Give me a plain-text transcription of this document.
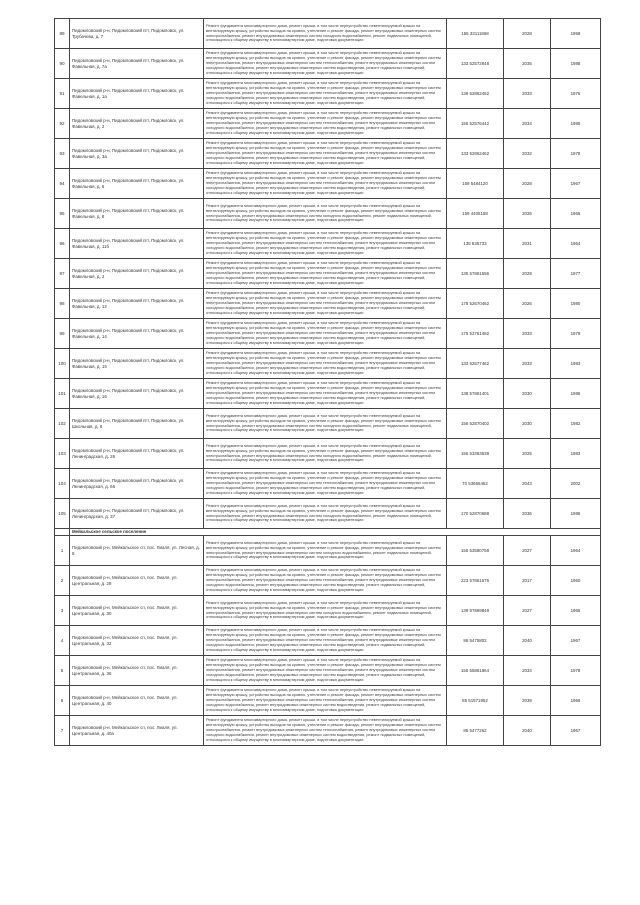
89	Пидомловский р-н, Пидомловский пгт, Пидомловск, ул. Трубачева, д. 7	Ремонт фундамента многоквартирного дома, ремонт крыши, в том числе переустройство невентилируемой крыши на вентилируемую крышу, устройство выходов на кровлю, утепление и ремонт фасада, ремонт внутридомовых инженерных систем электроснабжения, ремонт внутридомовых инженерных систем холодного водоснабжения, ремонт подвальных помещений, относящихся к общему имуществу в многоквартирном доме, подготовка документации	155 33111868	2028	1959
90	Пидомловский р-н, Пидомловский пгт, Пидомловск, ул. Фавельная, д. 7а	Ремонт фундамента многоквартирного дома, ремонт крыши, в том числе переустройство невентилируемой крыши на вентилируемую крышу, устройство выходов на кровлю, утепление и ремонт фасада, ремонт внутридомовых инженерных систем электроснабжения, ремонт внутридомовых инженерных систем теплоснабжения, ремонт внутридомовых инженерных систем холодного водоснабжения, ремонт внутридомовых инженерных систем водоотведения, ремонт подвальных помещений, относящихся к общему имуществу в многоквартирном доме, подготовка документации	133 52572848	2035	1988
91	Пидомловский р-н, Пидомловский пгт, Пидомловск, ул. Фавельная, д. 1а	Ремонт фундамента многоквартирного дома, ремонт крыши, в том числе переустройство невентилируемой крыши на вентилируемую крышу, устройство выходов на кровлю, утепление и ремонт фасада, ремонт внутридомовых инженерных систем электроснабжения, ремонт внутридомовых инженерных систем теплоснабжения, ремонт внутридомовых инженерных систем холодного водоснабжения, ремонт внутридомовых инженерных систем водоотведения, ремонт подвальных помещений, относящихся к общему имуществу в многоквартирном доме, подготовка документации	139 52862462	2033	1976
92	Пидомловский р-н, Пидомловский пгт, Пидомловск, ул. Фавельная, д. 2	Ремонт фундамента многоквартирного дома, ремонт крыши, в том числе переустройство невентилируемой крыши на вентилируемую крышу, устройство выходов на кровлю, утепление и ремонт фасада, ремонт внутридомовых инженерных систем электроснабжения, ремонт внутридомовых инженерных систем теплоснабжения, ремонт внутридомовых инженерных систем холодного водоснабжения, ремонт внутридомовых инженерных систем водоотведения, ремонт подвальных помещений, относящихся к общему имуществу в многоквартирном доме, подготовка документации	155 52576442	2034	1985
93	Пидомловский р-н, Пидомловский пгт, Пидомловск, ул. Фавельная, д. 3а	Ремонт фундамента многоквартирного дома, ремонт крыши, в том числе переустройство невентилируемой крыши на вентилируемую крышу, устройство выходов на кровлю, утепление и ремонт фасада, ремонт внутридомовых инженерных систем электроснабжения, ремонт внутридомовых инженерных систем теплоснабжения, ремонт внутридомовых инженерных систем холодного водоснабжения, ремонт внутридомовых инженерных систем водоотведения, ремонт подвальных помещений, относящихся к общему имуществу в многоквартирном доме, подготовка документации	133 52862462	2032	1978
94	Пидомловский р-н, Пидомловский пгт, Пидомловск, ул. Фавельная, д. 6	Ремонт фундамента многоквартирного дома, ремонт крыши, в том числе переустройство невентилируемой крыши на вентилируемую крышу, устройство выходов на кровлю, утепление и ремонт фасада, ремонт внутридомовых инженерных систем электроснабжения, ремонт внутридомовых инженерных систем теплоснабжения, ремонт внутридомовых инженерных систем холодного водоснабжения, ремонт внутридомовых инженерных систем водоотведения, ремонт подвальных помещений, относящихся к общему имуществу в многоквартирном доме, подготовка документации	159 5484120	2028	1967
95	Пидомловский р-н, Пидомловский пгт, Пидомловск, ул. Фавельная, д. 8	Ремонт фундамента многоквартирного дома, ремонт крыши, в том числе переустройство невентилируемой крыши на вентилируемую крышу, устройство выходов на кровлю, утепление и ремонт фасада, ремонт внутридомовых инженерных систем электроснабжения, ремонт внутридомовых инженерных систем холодного водоснабжения, ремонт подвальных помещений, относящихся к общему имуществу в многоквартирном доме, подготовка документации	159 4405158	2026	1965
96	Пидомловский р-н, Пидомловский пгт, Пидомловск, ул. Фавельная, д. 11б	Ремонт фундамента многоквартирного дома, ремонт крыши, в том числе переустройство невентилируемой крыши на вентилируемую крышу, устройство выходов на кровлю, утепление и ремонт фасада, ремонт внутридомовых инженерных систем электроснабжения, ремонт внутридомовых инженерных систем теплоснабжения, ремонт внутридомовых инженерных систем холодного водоснабжения, ремонт внутридомовых инженерных систем водоотведения, ремонт подвальных помещений, относящихся к общему имуществу в многоквартирном доме, подготовка документации	135 835733	2031	1964
97	Пидомловский р-н, Пидомловский пгт, Пидомловск, ул. Фавельная, д. 2	Ремонт фундамента многоквартирного дома, ремонт крыши, в том числе переустройство невентилируемой крыши на вентилируемую крышу, устройство выходов на кровлю, утепление и ремонт фасада, ремонт внутридомовых инженерных систем электроснабжения, ремонт внутридомовых инженерных систем теплоснабжения, ремонт внутридомовых инженерных систем холодного водоснабжения, ремонт внутридомовых инженерных систем водоотведения, ремонт подвальных помещений, относящихся к общему имуществу в многоквартирном доме, подготовка документации	135 57861556	2029	1977
98	Пидомловский р-н, Пидомловский пгт, Пидомловск, ул. Фавельная, д. 12	Ремонт фундамента многоквартирного дома, ремонт крыши, в том числе переустройство невентилируемой крыши на вентилируемую крышу, устройство выходов на кровлю, утепление и ремонт фасада, ремонт внутридомовых инженерных систем электроснабжения, ремонт внутридомовых инженерных систем теплоснабжения, ремонт внутридомовых инженерных систем холодного водоснабжения, ремонт внутридомовых инженерных систем водоотведения, ремонт подвальных помещений, относящихся к общему имуществу в многоквартирном доме, подготовка документации	178 52670462	2026	1980
99	Пидомловский р-н, Пидомловский пгт, Пидомловск, ул. Фавельная, д. 14	Ремонт фундамента многоквартирного дома, ремонт крыши, в том числе переустройство невентилируемой крыши на вентилируемую крышу, устройство выходов на кровлю, утепление и ремонт фасада, ремонт внутридомовых инженерных систем электроснабжения, ремонт внутридомовых инженерных систем теплоснабжения, ремонт внутридомовых инженерных систем холодного водоснабжения, ремонт внутридомовых инженерных систем водоотведения, ремонт подвальных помещений, относящихся к общему имуществу в многоквартирном доме, подготовка документации	175 52761482	2033	1979
100	Пидомловский р-н, Пидомловский пгт, Пидомловск, ул. Фавельная, д. 15	Ремонт фундамента многоквартирного дома, ремонт крыши, в том числе переустройство невентилируемой крыши на вентилируемую крышу, устройство выходов на кровлю, утепление и ремонт фасада, ремонт внутридомовых инженерных систем электроснабжения, ремонт внутридомовых инженерных систем теплоснабжения, ремонт внутридомовых инженерных систем холодного водоснабжения, ремонт внутридомовых инженерных систем водоотведения, ремонт подвальных помещений, относящихся к общему имуществу в многоквартирном доме, подготовка документации	133 52577462	2033	1983
101	Пидомловский р-н, Пидомловский пгт, Пидомловск, ул. Фавельная, д. 16	Ремонт фундамента многоквартирного дома, ремонт крыши, в том числе переустройство невентилируемой крыши на вентилируемую крышу, устройство выходов на кровлю, утепление и ремонт фасада, ремонт внутридомовых инженерных систем электроснабжения, ремонт внутридомовых инженерных систем теплоснабжения, ремонт внутридомовых инженерных систем холодного водоснабжения, ремонт внутридомовых инженерных систем водоотведения, ремонт подвальных помещений, относящихся к общему имуществу в многоквартирном доме, подготовка документации	138 57861401	2030	1986
102	Пидомловский р-н, Пидомловский пгт, Пидомловск, ул. Школьная, д. 8	Ремонт фундамента многоквартирного дома, ремонт крыши, в том числе переустройство невентилируемой крыши на вентилируемую крышу, устройство выходов на кровлю, утепление и ремонт фасада, ремонт внутридомовых инженерных систем электроснабжения, ремонт внутридомовых инженерных систем холодного водоснабжения, ремонт подвальных помещений, относящихся к общему имуществу в многоквартирном доме, подготовка документации	156 52870402	2030	1982
103	Пидомловский р-н, Пидомловский пгт, Пидомловск, ул. Ленинградская, д. 26	Ремонт фундамента многоквартирного дома, ремонт крыши, в том числе переустройство невентилируемой крыши на вентилируемую крышу, устройство выходов на кровлю, утепление и ремонт фасада, ремонт внутридомовых инженерных систем электроснабжения, ремонт внутридомовых инженерных систем холодного водоснабжения, ремонт подвальных помещений, относящихся к общему имуществу в многоквартирном доме, подготовка документации	155 53363538	2025	1983
104	Пидомловский р-н, Пидомловский пгт, Пидомловск, ул. Ленинградская, д. 66	Ремонт фундамента многоквартирного дома, ремонт крыши, в том числе переустройство невентилируемой крыши на вентилируемую крышу, устройство выходов на кровлю, утепление и ремонт фасада, ремонт внутридомовых инженерных систем электроснабжения, ремонт внутридомовых инженерных систем теплоснабжения, ремонт внутридомовых инженерных систем холодного водоснабжения, ремонт внутридомовых инженерных систем водоотведения, ремонт подвальных помещений, относящихся к общему имуществу в многоквартирном доме, подготовка документации	70 53656462	2043	2002
105	Пидомловский р-н, Пидомловский пгт, Пидомловск, ул. Ленинградская, д. 37	Ремонт фундамента многоквартирного дома, ремонт крыши, в том числе переустройство невентилируемой крыши на вентилируемую крышу, устройство выходов на кровлю, утепление и ремонт фасада, ремонт внутридомовых инженерных систем электроснабжения, ремонт внутридомовых инженерных систем холодного водоснабжения, ремонт подвальных помещений, относящихся к общему имуществу в многоквартирном доме, подготовка документации	170 52870688	2036	1986
	Мейкальское сельское поселение				
1	Пидомловский р-н, Мейкальское сп, пос. Лиаля, ул. Лесная, д. 8	Ремонт фундамента многоквартирного дома, ремонт крыши, в том числе переустройство невентилируемой крыши на вентилируемую крышу, устройство выходов на кровлю, утепление и ремонт фасада, ремонт внутридомовых инженерных систем электроснабжения, ремонт внутридомовых инженерных систем холодного водоснабжения, ремонт подвальных помещений, относящихся к общему имуществу в многоквартирном доме, подготовка документации	155 53580758	2027	1964
2	Пидомловский р-н, Мейкальское сп, пос. Лиаля, ул. Центральная, д. 28	Ремонт фундамента многоквартирного дома, ремонт крыши, в том числе переустройство невентилируемой крыши на вентилируемую крышу, устройство выходов на кровлю, утепление и ремонт фасада, ремонт внутридомовых инженерных систем электроснабжения, ремонт внутридомовых инженерных систем теплоснабжения, ремонт внутридомовых инженерных систем холодного водоснабжения, ремонт внутридомовых инженерных систем водоотведения, ремонт подвальных помещений, относящихся к общему имуществу в многоквартирном доме, подготовка документации	223 57861576	2017	1960
3	Пидомловский р-н, Мейкальское сп, пос. Лиаля, ул. Центральная, д. 30	Ремонт фундамента многоквартирного дома, ремонт крыши, в том числе переустройство невентилируемой крыши на вентилируемую крышу, устройство выходов на кровлю, утепление и ремонт фасада, ремонт внутридомовых инженерных систем электроснабжения, ремонт внутридомовых инженерных систем холодного водоснабжения, ремонт подвальных помещений, относящихся к общему имуществу в многоквартирном доме, подготовка документации	139 57869848	2027	1965
4	Пидомловский р-н, Мейкальское сп, пос. Лиаля, ул. Центральная, д. 32	Ремонт фундамента многоквартирного дома, ремонт крыши, в том числе переустройство невентилируемой крыши на вентилируемую крышу, устройство выходов на кровлю, утепление и ремонт фасада, ремонт внутридомовых инженерных систем электроснабжения, ремонт внутридомовых инженерных систем теплоснабжения, ремонт внутридомовых инженерных систем холодного водоснабжения, ремонт внутридомовых инженерных систем водоотведения, ремонт подвальных помещений, относящихся к общему имуществу в многоквартирном доме, подготовка документации	86 5475802	2040	1967
5	Пидомловский р-н, Мейкальское сп, пос. Лиаля, ул. Центральная, д. 36	Ремонт фундамента многоквартирного дома, ремонт крыши, в том числе переустройство невентилируемой крыши на вентилируемую крышу, устройство выходов на кровлю, утепление и ремонт фасада, ремонт внутридомовых инженерных систем электроснабжения, ремонт внутридомовых инженерных систем теплоснабжения, ремонт внутридомовых инженерных систем холодного водоснабжения, ремонт внутридомовых инженерных систем водоотведения, ремонт подвальных помещений, относящихся к общему имуществу в многоквартирном доме, подготовка документации	155 55861864	2034	1978
6	Пидомловский р-н, Мейкальское сп, пос. Лиаля, ул. Центральная, д. 40	Ремонт фундамента многоквартирного дома, ремонт крыши, в том числе переустройство невентилируемой крыши на вентилируемую крышу, устройство выходов на кровлю, утепление и ремонт фасада, ремонт внутридомовых инженерных систем электроснабжения, ремонт внутридомовых инженерных систем теплоснабжения, ремонт внутридомовых инженерных систем холодного водоснабжения, ремонт внутридомовых инженерных систем водоотведения, ремонт подвальных помещений, относящихся к общему имуществу в многоквартирном доме, подготовка документации	85 51571952	2039	1966
7	Пидомловский р-н, Мейкальское сп, пос. Лиаля, ул. Центральная, д. 40а	Ремонт фундамента многоквартирного дома, ремонт крыши, в том числе переустройство невентилируемой крыши на вентилируемую крышу, устройство выходов на кровлю, утепление и ремонт фасада, ремонт внутридомовых инженерных систем электроснабжения, ремонт внутридомовых инженерных систем теплоснабжения, ремонт внутридомовых инженерных систем холодного водоснабжения, ремонт внутридомовых инженерных систем водоотведения, ремонт подвальных помещений, относящихся к общему имуществу в многоквартирном доме, подготовка документации	85 5477262	2040	1967
